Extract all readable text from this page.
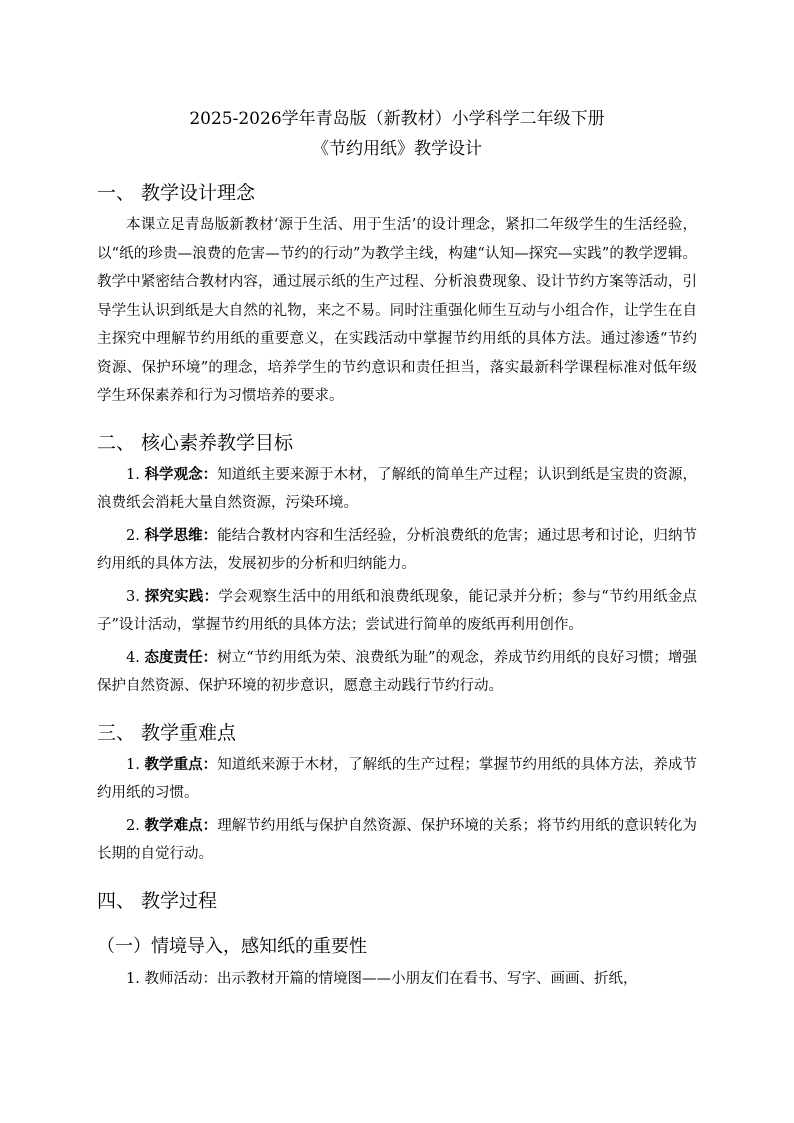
2025-2026学年青岛版（新教材）小学科学二年级下册
《节约用纸》教学设计
一、 教学设计理念

本课立足青岛版新教材‘源于生活、用于生活’的设计理念，紧扣二年级学生的生活经验，以“纸的珍贵—浪费的危害—节约的行动”为教学主线，构建“认知—探究—实践”的教学逻辑。教学中紧密结合教材内容，通过展示纸的生产过程、分析浪费现象、设计节约方案等活动，引导学生认识到纸是大自然的礼物，来之不易。同时注重强化师生互动与小组合作，让学生在自主探究中理解节约用纸的重要意义，在实践活动中掌握节约用纸的具体方法。通过渗透“节约资源、保护环境”的理念，培养学生的节约意识和责任担当，落实最新科学课程标准对低年级学生环保素养和行为习惯培养的要求。

二、 核心素养教学目标

1. 科学观念：知道纸主要来源于木材，了解纸的简单生产过程；认识到纸是宝贵的资源，浪费纸会消耗大量自然资源，污染环境。

2. 科学思维：能结合教材内容和生活经验，分析浪费纸的危害；通过思考和讨论，归纳节约用纸的具体方法，发展初步的分析和归纳能力。

3. 探究实践：学会观察生活中的用纸和浪费纸现象，能记录并分析；参与“节约用纸金点子”设计活动，掌握节约用纸的具体方法；尝试进行简单的废纸再利用创作。

4. 态度责任：树立“节约用纸为荣、浪费纸为耻”的观念，养成节约用纸的良好习惯；增强保护自然资源、保护环境的初步意识，愿意主动践行节约行动。

三、 教学重难点

1. 教学重点：知道纸来源于木材，了解纸的生产过程；掌握节约用纸的具体方法，养成节约用纸的习惯。

2. 教学难点：理解节约用纸与保护自然资源、保护环境的关系；将节约用纸的意识转化为长期的自觉行动。

四、 教学过程
（一）情境导入，感知纸的重要性

1. 教师活动：出示教材开篇的情境图——小朋友们在看书、写字、画画、折纸，
